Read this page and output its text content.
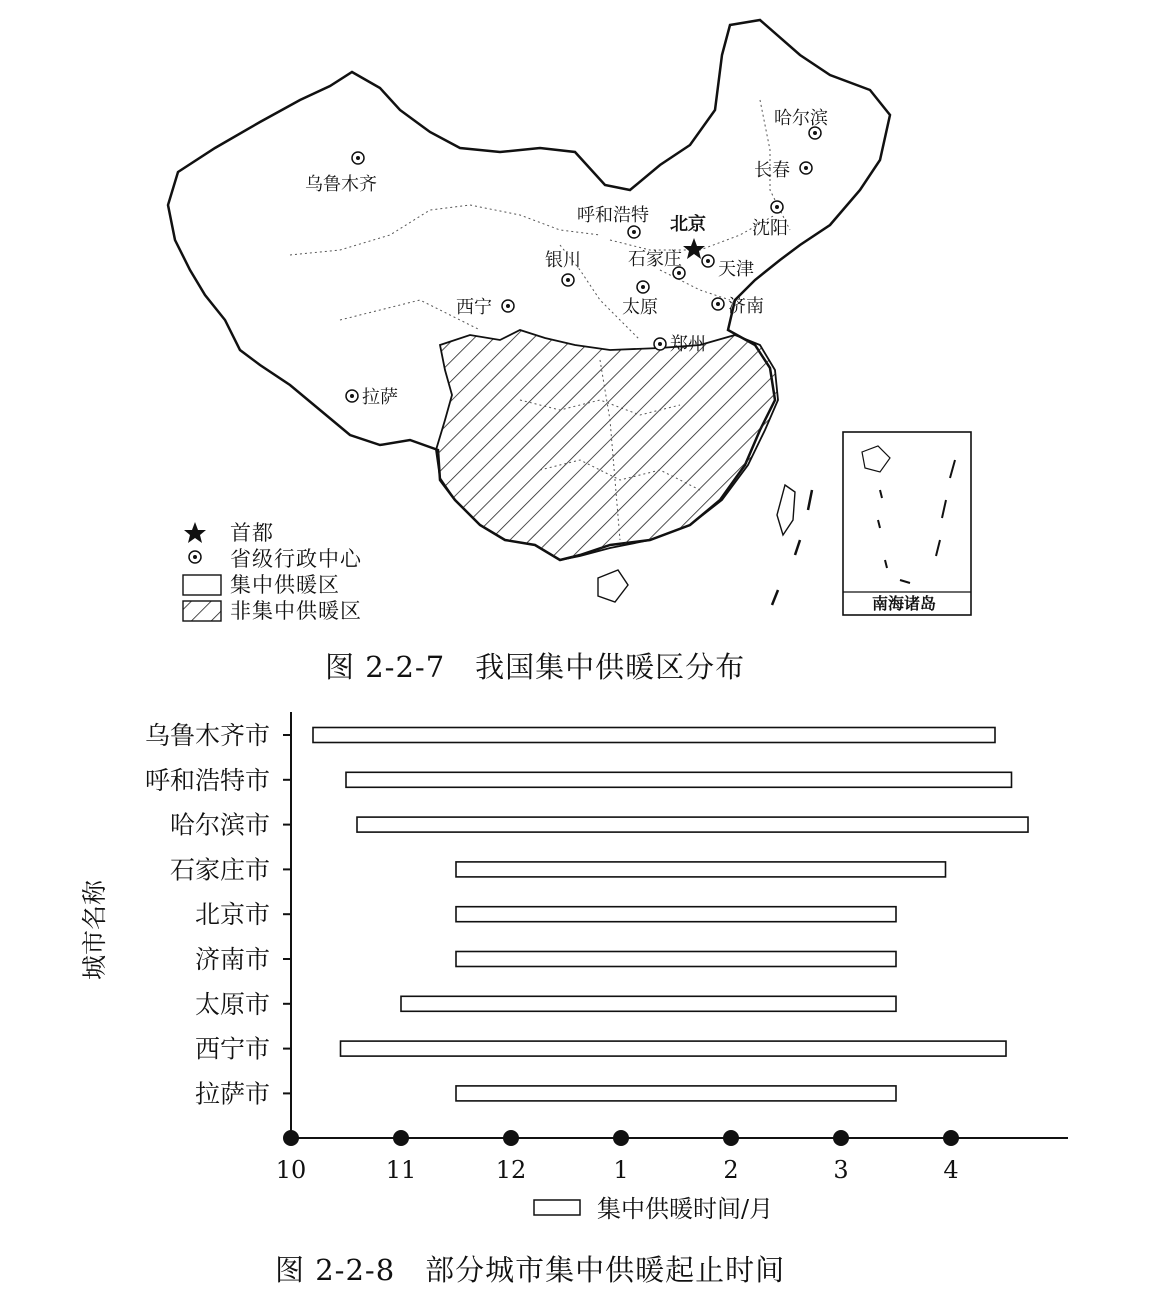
南海诸岛
北京
乌鲁木齐
哈尔滨
长春
沈阳
呼和浩特
天津
石家庄
银川
太原	济南
西宁
郑州
拉萨
首都
省级行政中心
集中供暖区
非集中供暖区
图 2-2-7　我国集中供暖区分布
乌鲁木齐市
呼和浩特市
哈尔滨市
石家庄市
北京市
济南市
太原市
西宁市
拉萨市
10	11	12	1	2	3	4
城市名称
集中供暖时间/月
图 2-2-8　部分城市集中供暖起止时间
